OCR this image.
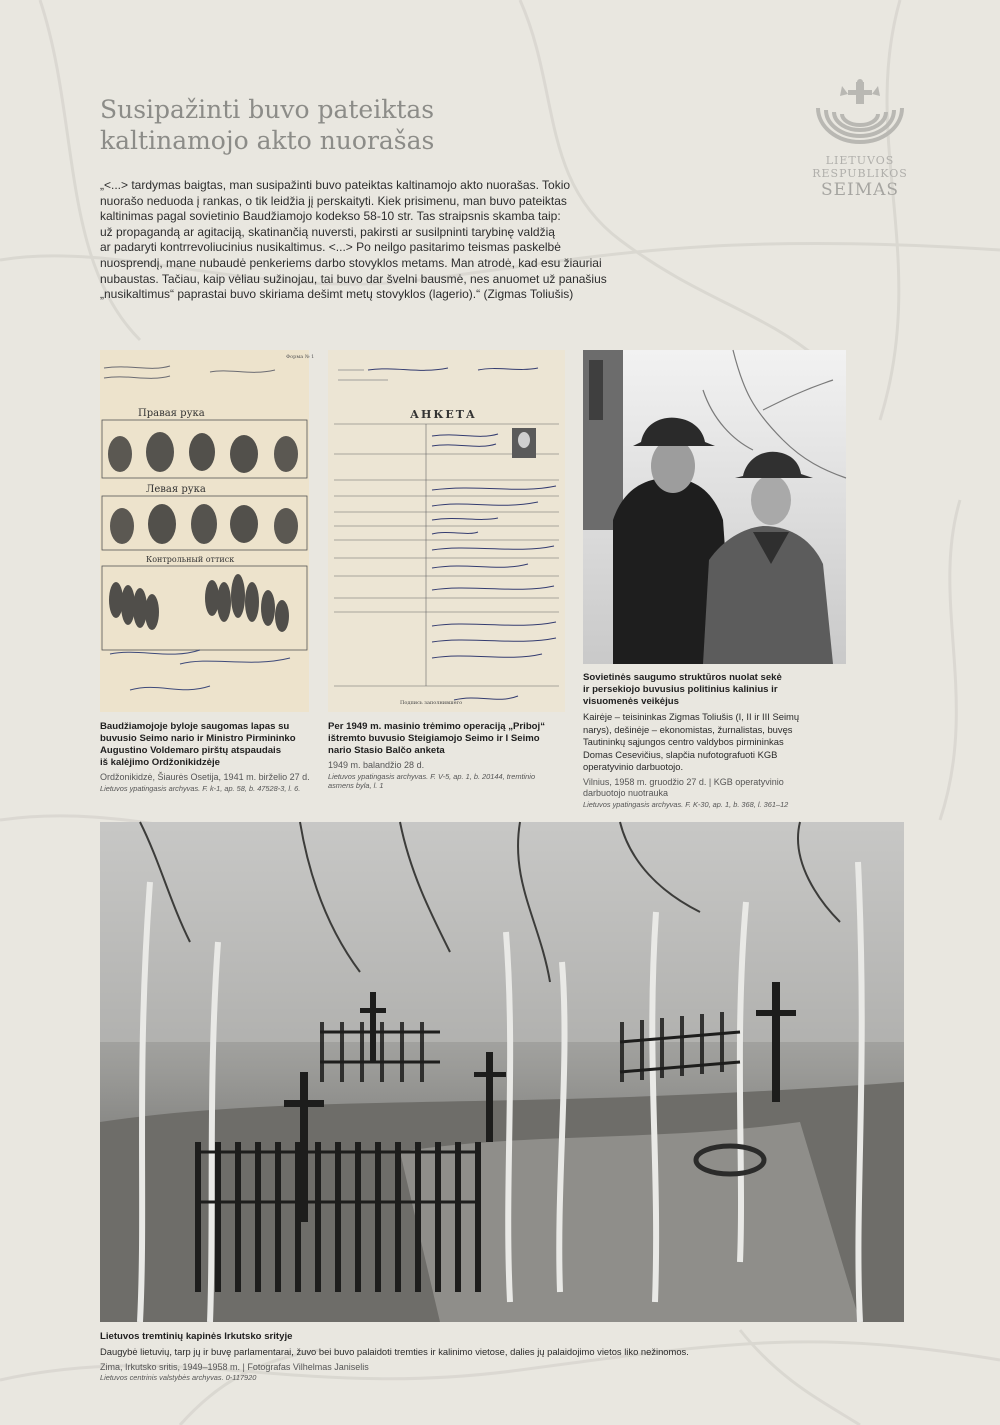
Susipažinti buvo pateiktas
kaltinamojo akto nuorašas
LIETUVOS RESPUBLIKOS
SEIMAS
„<...> tardymas baigtas, man susipažinti buvo pateiktas kaltinamojo akto nuorašas. Tokio
nuorašo neduoda į rankas, o tik leidžia jį perskaityti. Kiek prisimenu, man buvo pateiktas
kaltinimas pagal sovietinio Baudžiamojo kodekso 58-10 str. Tas straipsnis skamba taip:
už propagandą ar agitaciją, skatinančią nuversti, pakirsti ar susilpninti tarybinę valdžią
ar padaryti kontrrevoliucinius nusikaltimus. <...> Po neilgo pasitarimo teismas paskelbė
nuosprendį, mane nubaudė penkeriems darbo stovyklos metams. Man atrodė, kad esu žiauriai
nubaustas. Tačiau, kaip vėliau sužinojau, tai buvo dar švelni bausmė, nes anuomet už panašius
„nusikaltimus“ paprastai buvo skiriama dešimt metų stovyklos (lagerio).“ (Zigmas Toliušis)
Форма № 1
Правая рука
Левая рука
Контрольный оттиск
Baudžiamojoje byloje saugomas lapas su
buvusio Seimo nario ir Ministro Pirmininko
Augustino Voldemaro pirštų atspaudais
iš kalėjimo Ordžonikidzėje
Ordžonikidzė, Šiaurės Osetija, 1941 m. birželio 27 d.
Lietuvos ypatingasis archyvas. F. k-1, ap. 58, b. 47528-3, l. 6.
АНКЕТА
Подпись заполнившего
Per 1949 m. masinio trėmimo operaciją „Priboj“
ištremto buvusio Steigiamojo Seimo ir I Seimo
nario Stasio Balčo anketa
1949 m. balandžio 28 d.
Lietuvos ypatingasis archyvas. F. V-5, ap. 1, b. 20144, tremtinio
asmens byla, l. 1
Sovietinės saugumo struktūros nuolat sekė
ir persekiojo buvusius politinius kalinius ir
visuomenės veikėjus
Kairėje – teisininkas Zigmas Toliušis (I, II ir III Seimų
narys), dešinėje – ekonomistas, žurnalistas, buvęs
Tautininkų sąjungos centro valdybos pirmininkas
Domas Cesevičius, slapčia nufotografuoti KGB
operatyvinio darbuotojo.
Vilnius, 1958 m. gruodžio 27 d. | KGB operatyvinio
darbuotojo nuotrauka
Lietuvos ypatingasis archyvas. F. K-30, ap. 1, b. 368, l. 361–12
Lietuvos tremtinių kapinės Irkutsko srityje
Daugybė lietuvių, tarp jų ir buvę parlamentarai, žuvo bei buvo palaidoti tremties ir kalinimo vietose, dalies jų palaidojimo vietos liko nežinomos.
Zima, Irkutsko sritis, 1949–1958 m. | Fotografas Vilhelmas Janiselis
Lietuvos centrinis valstybės archyvas. 0-117920
